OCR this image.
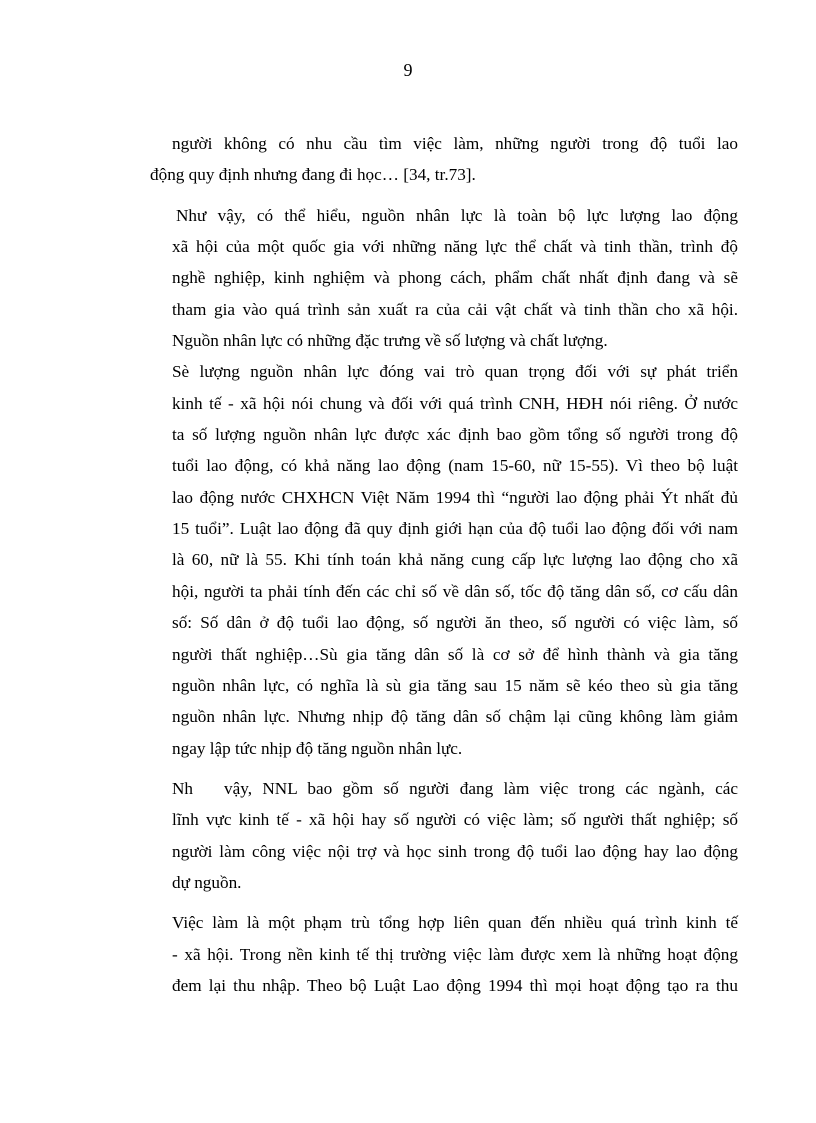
9
người không có nhu cầu tìm việc làm, những người trong độ tuổi lao
động quy định nhưng đang đi học… [34, tr.73].
Như vậy, có thể hiểu, nguồn nhân lực là toàn bộ lực lượng lao động
xã hội của một quốc gia với những năng lực thể chất và tinh thần, trình độ
nghề nghiệp, kinh nghiệm và phong cách, phẩm chất nhất định đang và sẽ
tham gia vào quá trình sản xuất ra của cải vật chất và tinh thần cho xã hội.
Nguồn nhân lực có những đặc trưng về số lượng và chất lượng.
Sè lượng nguồn nhân lực đóng vai trò quan trọng đối với sự phát triển
kinh tế - xã hội nói chung và đối với quá trình CNH, HĐH nói riêng. Ở nước
ta số lượng nguồn nhân lực được xác định bao gồm tổng số người trong độ
tuổi lao động, có khả năng lao động (nam 15-60, nữ 15-55). Vì theo bộ luật
lao động nước CHXHCN Việt Năm 1994 thì “người lao động phải Ýt nhất đủ
15 tuổi”. Luật lao động đã quy định giới hạn của độ tuổi lao động đối với nam
là 60, nữ là 55. Khi tính toán khả năng cung cấp lực lượng lao động cho xã
hội, người ta phải tính đến các chỉ số về dân số, tốc độ tăng dân số, cơ cấu dân
số: Số dân ở độ tuổi lao động, số người ăn theo, số người có việc làm, số
người thất nghiệp…Sù gia tăng dân số là cơ sở để hình thành và gia tăng
nguồn nhân lực, có nghĩa là sù gia tăng sau 15 năm sẽ kéo theo sù gia tăng
nguồn nhân lực. Nhưng nhịp độ tăng dân số chậm lại cũng không làm giảm
ngay lập tức nhịp độ tăng nguồn nhân lực.
Nh   vậy, NNL bao gồm số người đang làm việc trong các ngành, các
lĩnh vực kinh tế - xã hội hay số người có việc làm; số người thất nghiệp; số
người làm công việc nội trợ và học sinh trong độ tuổi lao động hay lao động
dự nguồn.
Việc làm là một phạm trù tổng hợp liên quan đến nhiều quá trình kinh tế
- xã hội. Trong nền kinh tế thị trường việc làm được xem là những hoạt động
đem lại thu nhập. Theo bộ Luật Lao động 1994 thì mọi hoạt động tạo ra thu
